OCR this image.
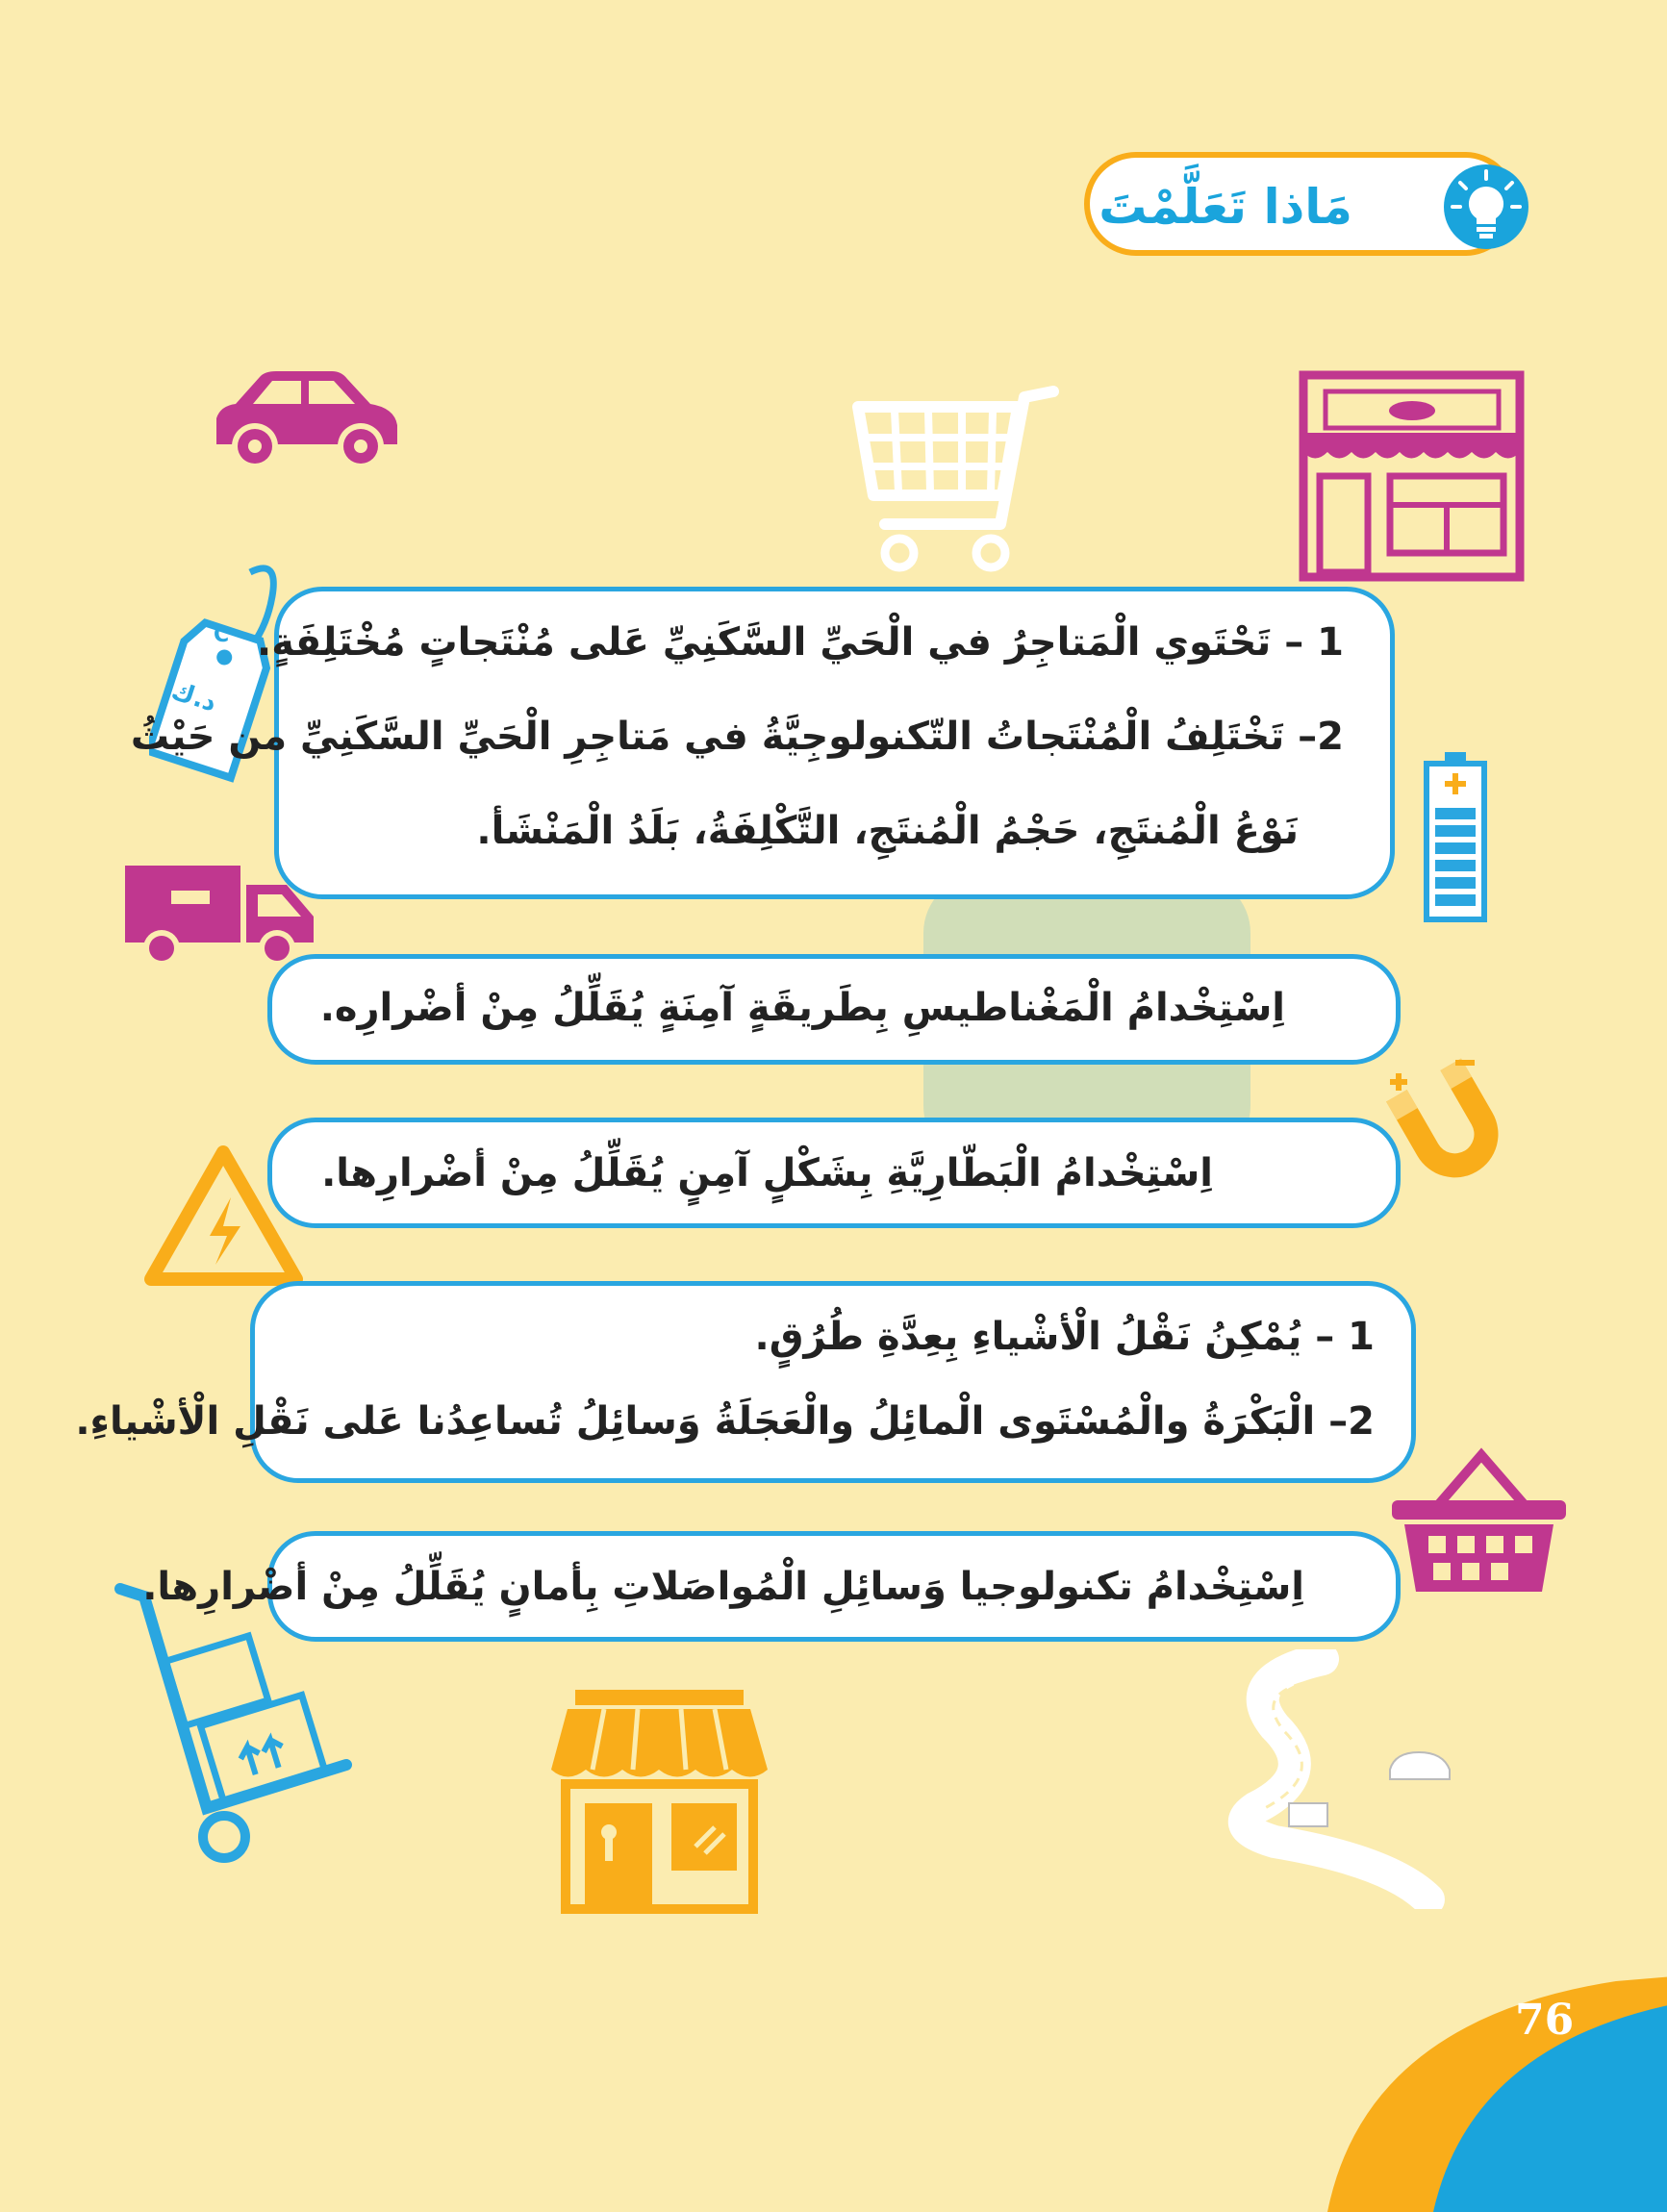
مَاذا تَعَلَّمْتَ
C
د.ك
1 – تَحْتَوي الْمَتاجِرُ في الْحَيِّ السَّكَنِيِّ عَلى مُنْتَجاتٍ مُخْتَلِفَةٍ.
2– تَخْتَلِفُ الْمُنْتَجاتُ التّكنولوجِيَّةُ في مَتاجِرِ الْحَيِّ السَّكَنِيِّ من حَيْثُ
نَوْعُ الْمُنتَجِ، حَجْمُ الْمُنتَجِ، التَّكْلِفَةُ، بَلَدُ الْمَنْشَأ.
اِسْتِخْدامُ الْمَغْناطيسِ بِطَريقَةٍ آمِنَةٍ يُقَلِّلُ مِنْ أضْرارِه.
اِسْتِخْدامُ الْبَطّارِيَّةِ بِشَكْلٍ آمِنٍ يُقَلِّلُ مِنْ أضْرارِها.
1 – يُمْكِنُ نَقْلُ الْأشْياءِ بِعِدَّةِ طُرُقٍ.
2– الْبَكْرَةُ والْمُسْتَوى الْمائِلُ والْعَجَلَةُ وَسائِلُ تُساعِدُنا عَلى نَقْلِ الْأشْياءِ.
اِسْتِخْدامُ تكنولوجيا وَسائِلِ الْمُواصَلاتِ بِأمانٍ يُقَلِّلُ مِنْ أضْرارِها.
76
